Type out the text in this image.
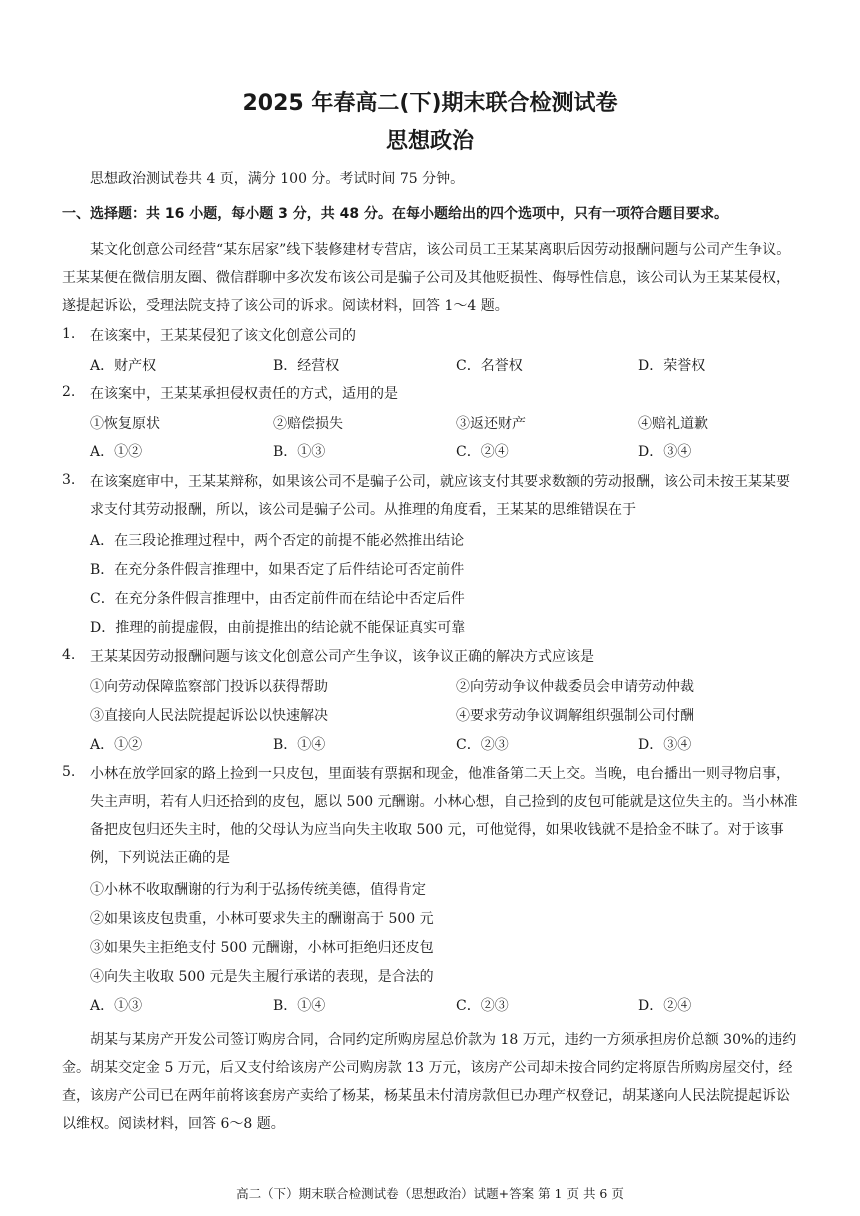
2025 年春高二(下)期末联合检测试卷
思想政治
思想政治测试卷共 4 页，满分 100 分。考试时间 75 分钟。
一、选择题：共 16 小题，每小题 3 分，共 48 分。在每小题给出的四个选项中，只有一项符合题目要求。
某文化创意公司经营“某东居家”线下装修建材专营店，该公司员工王某某离职后因劳动报酬问题与公司产生争议。王某某便在微信朋友圈、微信群聊中多次发布该公司是骗子公司及其他贬损性、侮辱性信息，该公司认为王某某侵权，遂提起诉讼，受理法院支持了该公司的诉求。阅读材料，回答 1～4 题。
1. 在该案中，王某某侵犯了该文化创意公司的
A．财产权	B．经营权	C．名誉权	D．荣誉权
2. 在该案中，王某某承担侵权责任的方式，适用的是
①恢复原状	②赔偿损失	③返还财产	④赔礼道歉
A．①②	B．①③	C．②④	D．③④
3. 在该案庭审中，王某某辩称，如果该公司不是骗子公司，就应该支付其要求数额的劳动报酬，该公司未按王某某要求支付其劳动报酬，所以，该公司是骗子公司。从推理的角度看，王某某的思维错误在于
A．在三段论推理过程中，两个否定的前提不能必然推出结论
B．在充分条件假言推理中，如果否定了后件结论可否定前件
C．在充分条件假言推理中，由否定前件而在结论中否定后件
D．推理的前提虚假，由前提推出的结论就不能保证真实可靠
4. 王某某因劳动报酬问题与该文化创意公司产生争议，该争议正确的解决方式应该是
①向劳动保障监察部门投诉以获得帮助	②向劳动争议仲裁委员会申请劳动仲裁
③直接向人民法院提起诉讼以快速解决	④要求劳动争议调解组织强制公司付酬
A．①②	B．①④	C．②③	D．③④
5. 小林在放学回家的路上捡到一只皮包，里面装有票据和现金，他准备第二天上交。当晚，电台播出一则寻物启事，失主声明，若有人归还拾到的皮包，愿以 500 元酬谢。小林心想，自己捡到的皮包可能就是这位失主的。当小林准备把皮包归还失主时，他的父母认为应当向失主收取 500 元，可他觉得，如果收钱就不是拾金不昧了。对于该事例，下列说法正确的是
①小林不收取酬谢的行为利于弘扬传统美德，值得肯定
②如果该皮包贵重，小林可要求失主的酬谢高于 500 元
③如果失主拒绝支付 500 元酬谢，小林可拒绝归还皮包
④向失主收取 500 元是失主履行承诺的表现，是合法的
A．①③	B．①④	C．②③	D．②④
胡某与某房产开发公司签订购房合同，合同约定所购房屋总价款为 18 万元，违约一方须承担房价总额 30%的违约金。胡某交定金 5 万元，后又支付给该房产公司购房款 13 万元，该房产公司却未按合同约定将原告所购房屋交付，经查，该房产公司已在两年前将该套房产卖给了杨某，杨某虽未付清房款但已办理产权登记，胡某遂向人民法院提起诉讼以维权。阅读材料，回答 6～8 题。
高二（下）期末联合检测试卷（思想政治）试题+答案 第 1 页 共 6 页
